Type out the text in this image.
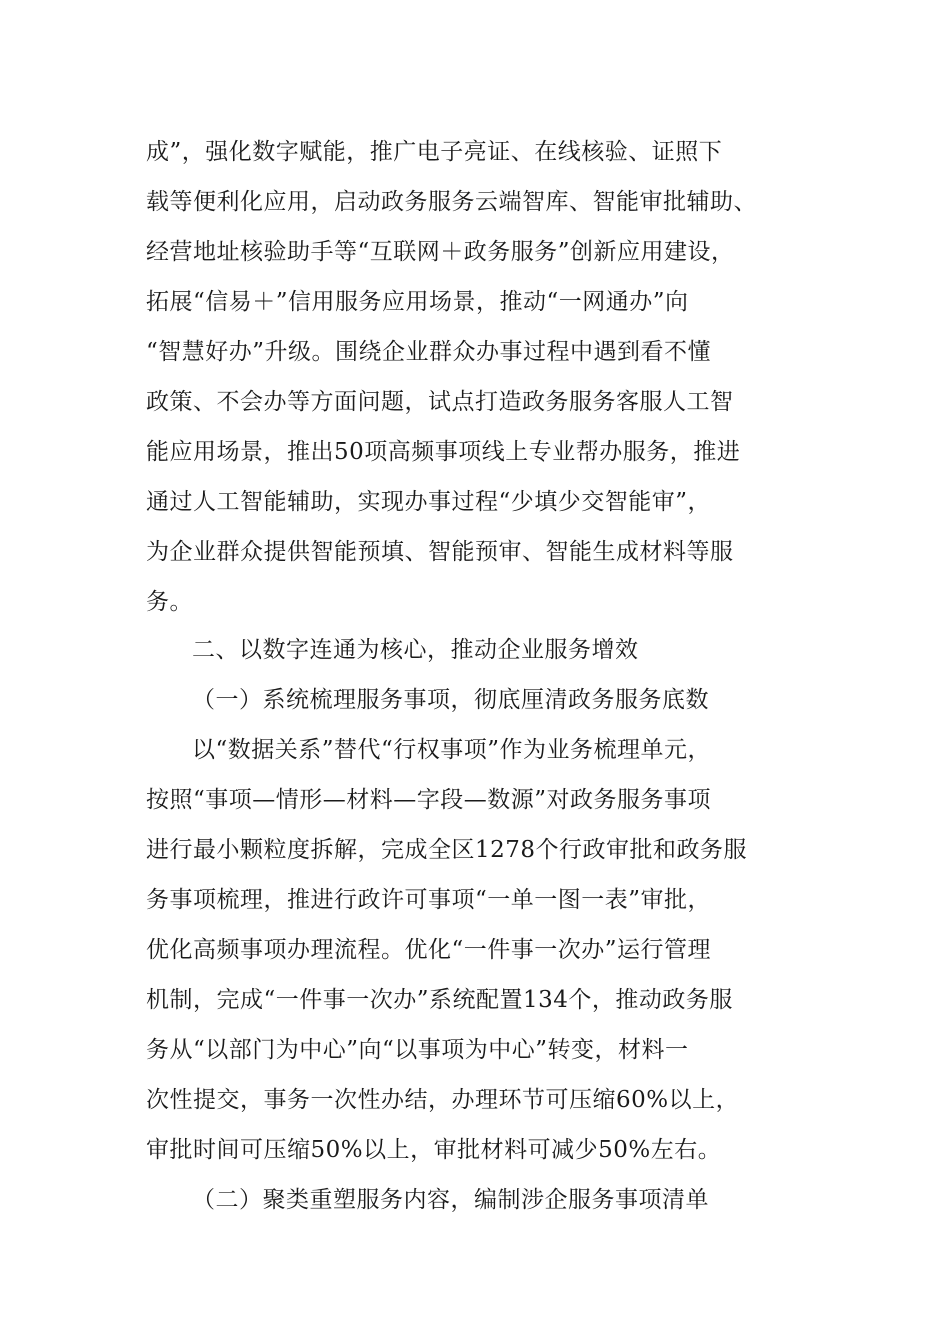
成”，强化数字赋能，推广电子亮证、在线核验、证照下
载等便利化应用，启动政务服务云端智库、智能审批辅助、
经营地址核验助手等“互联网＋政务服务”创新应用建设，
拓展“信易＋”信用服务应用场景，推动“一网通办”向
“智慧好办”升级。围绕企业群众办事过程中遇到看不懂
政策、不会办等方面问题，试点打造政务服务客服人工智
能应用场景，推出50项高频事项线上专业帮办服务，推进
通过人工智能辅助，实现办事过程“少填少交智能审”，
为企业群众提供智能预填、智能预审、智能生成材料等服
务。
二、以数字连通为核心，推动企业服务增效
（一）系统梳理服务事项，彻底厘清政务服务底数
以“数据关系”替代“行权事项”作为业务梳理单元，
按照“事项—情形—材料—字段—数源”对政务服务事项
进行最小颗粒度拆解，完成全区1278个行政审批和政务服
务事项梳理，推进行政许可事项“一单一图一表”审批，
优化高频事项办理流程。优化“一件事一次办”运行管理
机制，完成“一件事一次办”系统配置134个，推动政务服
务从“以部门为中心”向“以事项为中心”转变，材料一
次性提交，事务一次性办结，办理环节可压缩60%以上，
审批时间可压缩50%以上，审批材料可减少50%左右。
（二）聚类重塑服务内容，编制涉企服务事项清单
